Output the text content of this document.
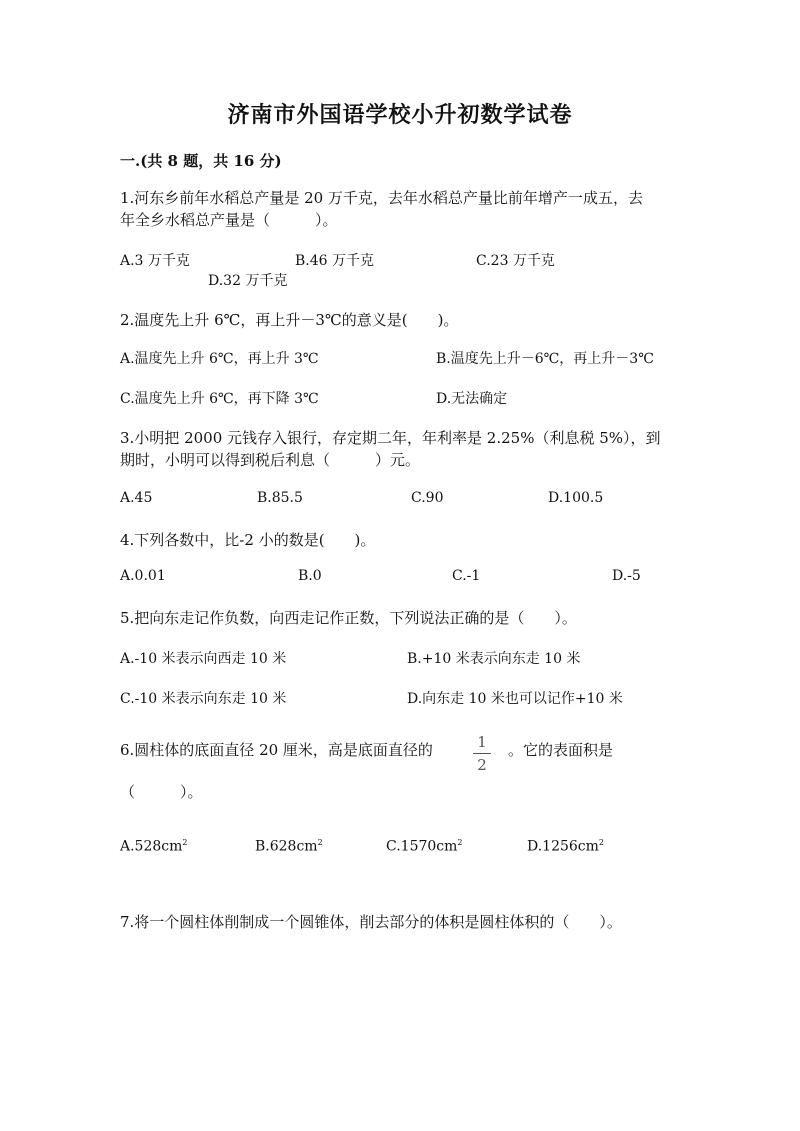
济南市外国语学校小升初数学试卷
一.(共 8 题，共 16 分)
1.河东乡前年水稻总产量是 20 万千克，去年水稻总产量比前年增产一成五，去
年全乡水稻总产量是（　　　）。
A.3 万千克	B.46 万千克	C.23 万千克
D.32 万千克
2.温度先上升 6℃，再上升－3℃的意义是(　　)。
A.温度先上升 6℃，再上升 3℃	B.温度先上升－6℃，再上升－3℃
C.温度先上升 6℃，再下降 3℃	D.无法确定
3.小明把 2000 元钱存入银行，存定期二年，年利率是 2.25%（利息税 5%），到
期时，小明可以得到税后利息（　　　）元。
A.45	B.85.5	C.90	D.100.5
4.下列各数中，比-2 小的数是(　　)。
A.0.01	B.0	C.-1	D.-5
5.把向东走记作负数，向西走记作正数，下列说法正确的是（　　）。
A.-10 米表示向西走 10 米	B.+10 米表示向东走 10 米
C.-10 米表示向东走 10 米	D.向东走 10 米也可以记作+10 米
6.圆柱体的底面直径 20 厘米，高是底面直径的	1
2
。它的表面积是
（　　　）。
$A.528cm^2$	$B.628cm^2$	$C.1570cm^2$	$D.1256cm^2$
7.将一个圆柱体削制成一个圆锥体，削去部分的体积是圆柱体积的（　　）。
